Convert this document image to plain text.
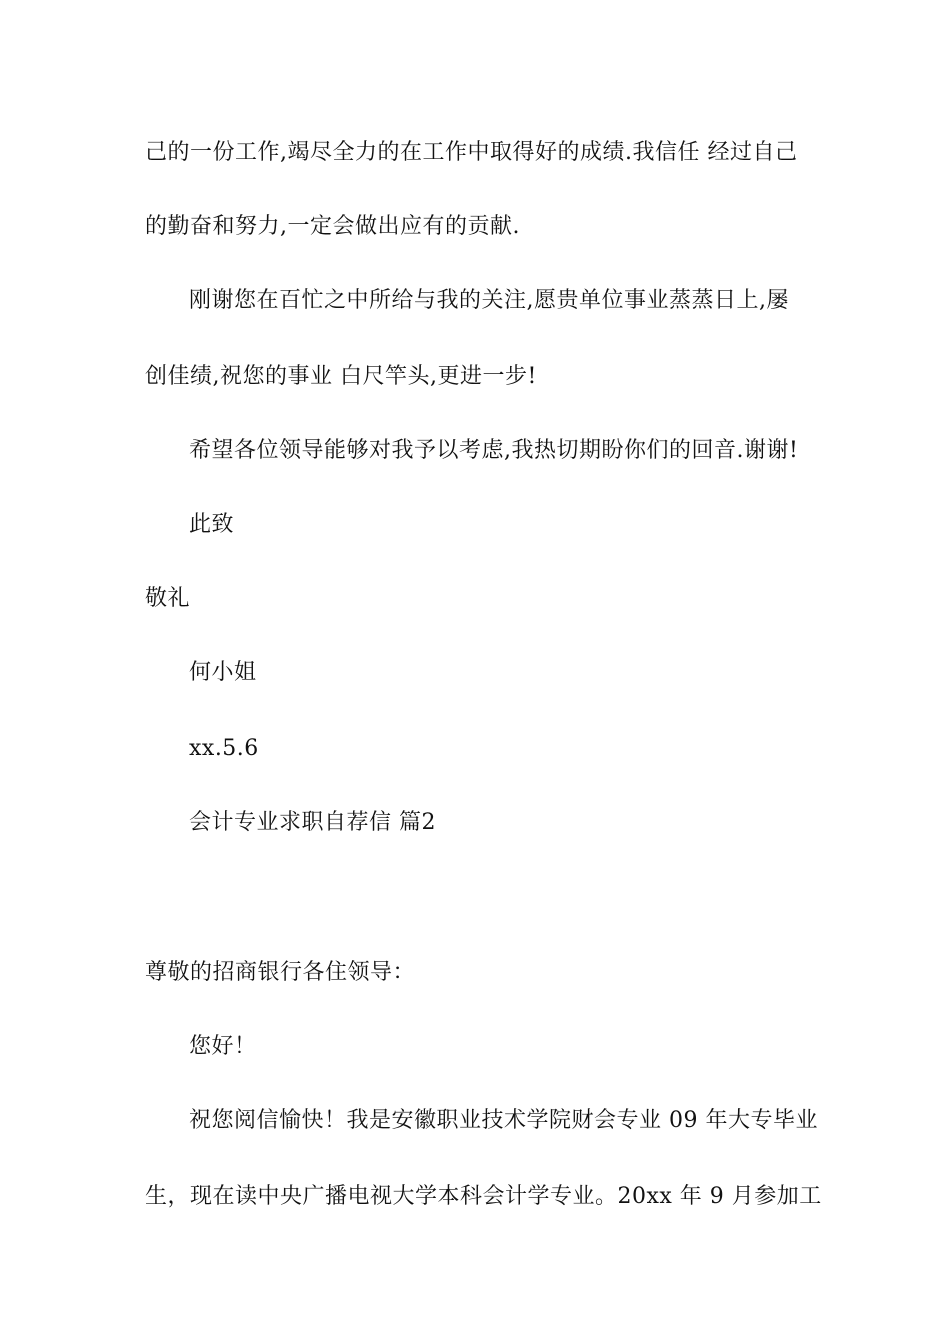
己的一份工作,竭尽全力的在工作中取得好的成绩.我信任 经过自己
的勤奋和努力,一定会做出应有的贡献.
刚谢您在百忙之中所给与我的关注,愿贵单位事业蒸蒸日上,屡
创佳绩,祝您的事业 白尺竿头,更进一步!
希望各位领导能够对我予以考虑,我热切期盼你们的回音.谢谢!
此致
敬礼
何小姐
xx.5.6
会计专业求职自荐信 篇2
尊敬的招商银行各住领导：
您好！
祝您阅信愉快！我是安徽职业技术学院财会专业 09 年大专毕业
生，现在读中央广播电视大学本科会计学专业。20xx 年 9 月参加工
